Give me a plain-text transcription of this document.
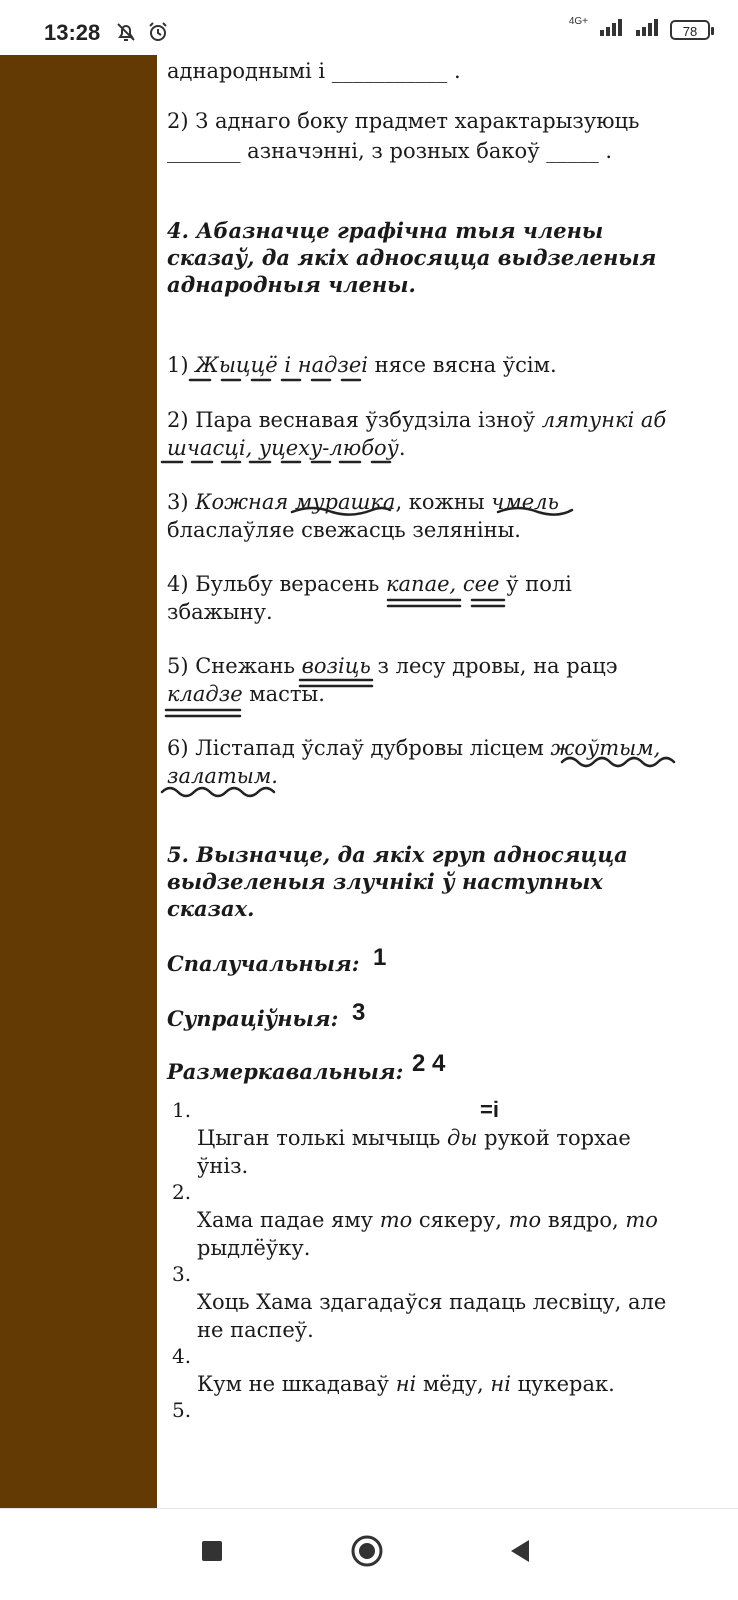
13:28	4G+
78
аднароднымі і ___________ .
2) З аднаго боку прадмет характарызуюць
_______ азначэнні, з розных бакоў _____ .
4. Абазначце графічна тыя члены
сказаў, да якіх адносяцца выдзеленыя
аднародныя члены.
1) Жыццё і надзеі нясе вясна ўсім.
2) Пара веснавая ўзбудзіла ізноў лятункі аб
шчасці, уцеху-любоў.
3) Кожная мурашка, кожны чмель
бласлаўляе свежасць зеляніны.
4) Бульбу верасень капае, сее ў полі
збажыну.
5) Снежань возіць з лесу дровы, на рацэ
кладзе масты.
6) Лістапад ўслаў дубровы лісцем жоўтым,
залатым.
5. Вызначце, да якіх груп адносяцца
выдзеленыя злучнікі ў наступных
сказах.
Спалучальныя:
Супраціўныя:
Размеркавальныя:
1
3
2 4
=і
1.
Цыган толькі мычыць ды рукой торхае
ўніз.
2.
Хама падае яму то сякеру, то вядро, то
рыдлёўку.
3.
Хоць Хама здагадаўся падаць лесвіцу, але
не паспеў.
4.
Кум не шкадаваў ні мёду, ні цукерак.
5.
